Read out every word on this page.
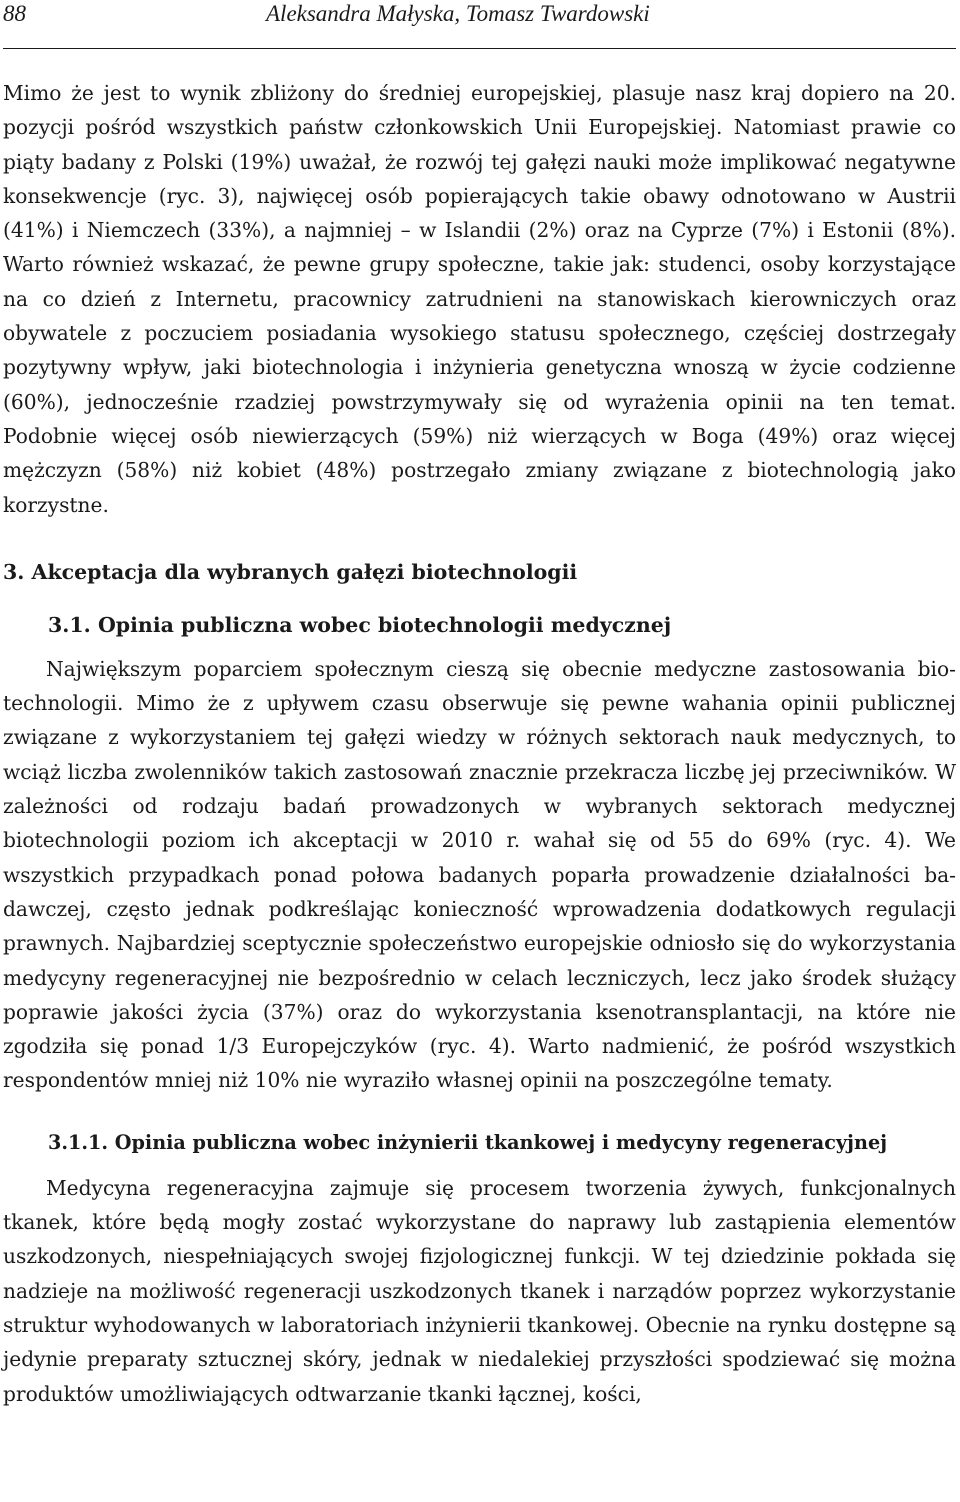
88	Aleksandra Małyska, Tomasz Twardowski

Mimo że jest to wynik zbliżony do średniej europejskiej, plasuje nasz kraj dopiero na 20. pozycji pośród wszystkich państw członkowskich Unii Europejskiej. Natomiast prawie co piąty badany z Polski (19%) uważał, że rozwój tej gałęzi nauki może implikować negatywne konsekwencje (ryc. 3), najwięcej osób popierających takie obawy odnotowano w Austrii (41%) i Niemczech (33%), a najmniej – w Islandii (2%) oraz na Cyprze (7%) i Estonii (8%). Warto również wskazać, że pewne grupy społeczne, takie jak: studenci, osoby korzystające na co dzień z Internetu, pracownicy zatrudnieni na stanowiskach kierowniczych oraz obywatele z poczuciem posiadania wysokiego statusu społecznego, częściej dostrzegały pozytywny wpływ, jaki biotechnologia i inżynieria genetyczna wnoszą w życie codzienne (60%), jednocześnie rzadziej powstrzymywały się od wyrażenia opinii na ten temat. Podobnie więcej osób niewierzących (59%) niż wierzących w Boga (49%) oraz więcej mężczyzn (58%) niż kobiet (48%) postrzegało zmiany związane z biotechnologią jako korzystne.

3. Akceptacja dla wybranych gałęzi biotechnologii
3.1. Opinia publiczna wobec biotechnologii medycznej

Największym poparciem społecznym cieszą się obecnie medyczne zastosowania biotechnologii. Mimo że z upływem czasu obserwuje się pewne wahania opinii publicznej związane z wykorzystaniem tej gałęzi wiedzy w różnych sektorach nauk medycznych, to wciąż liczba zwolenników takich zastosowań znacznie przekracza liczbę jej przeciwników. W zależności od rodzaju badań prowadzonych w wybranych sektorach medycznej biotechnologii poziom ich akceptacji w 2010 r. wahał się od 55 do 69% (ryc. 4). We wszystkich przypadkach ponad połowa badanych poparła prowadzenie działalności badawczej, często jednak podkreślając konieczność wprowadzenia dodatkowych regulacji prawnych. Najbardziej sceptycznie społeczeństwo europejskie odniosło się do wykorzystania medycyny regeneracyjnej nie bezpośrednio w celach leczniczych, lecz jako środek służący poprawie jakości życia (37%) oraz do wykorzystania ksenotransplantacji, na które nie zgodziła się ponad 1/3 Europejczyków (ryc. 4). Warto nadmienić, że pośród wszystkich respondentów mniej niż 10% nie wyraziło własnej opinii na poszczególne tematy.

3.1.1. Opinia publiczna wobec inżynierii tkankowej i medycyny regeneracyjnej

Medycyna regeneracyjna zajmuje się procesem tworzenia żywych, funkcjonalnych tkanek, które będą mogły zostać wykorzystane do naprawy lub zastąpienia elementów uszkodzonych, niespełniających swojej fizjologicznej funkcji. W tej dziedzinie pokłada się nadzieje na możliwość regeneracji uszkodzonych tkanek i narządów poprzez wykorzystanie struktur wyhodowanych w laboratoriach inżynierii tkankowej. Obecnie na rynku dostępne są jedynie preparaty sztucznej skóry, jednak w niedalekiej przyszłości spodziewać się można produktów umożliwiających odtwarzanie tkanki łącznej, kości,
